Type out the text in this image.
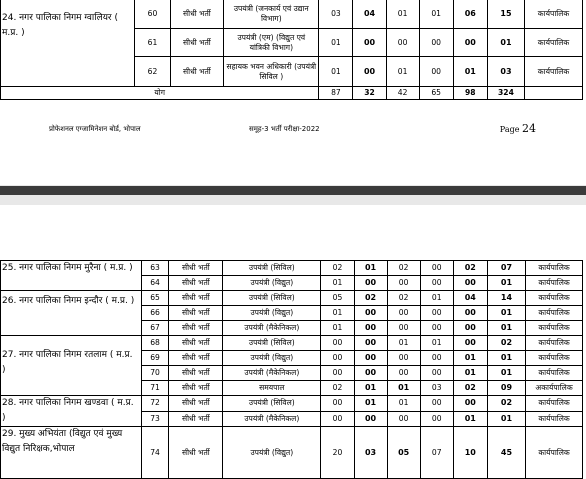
24. नगर पालिका निगम ग्वालियर ( म.प्र. )	60	सीधी भर्ती	उपयंत्री (जनकार्य एवं उद्यान विभाग)	03	04	01	01	06	15	कार्यपालिक
	61	सीधी भर्ती	उपयंत्री (एम) (विद्युत एवं यांत्रिकी विभाग)	01	00	00	00	00	01	कार्यपालिक
	62	सीधी भर्ती	सहायक भवन अधिकारी (उपयंत्री सिविल )	01	00	01	00	01	03	कार्यपालिक
योग				87	32	42	65	98	324	
प्रोफेशनल एग्जामिनेशन बोर्ड, भोपाल	समूह-3 भर्ती परीक्षा-2022	Page 24
25. नगर पालिका निगम मुरैना ( म.प्र. )	63	सीधी भर्ती	उपयंत्री (सिविल)	02	01	02	00	02	07	कार्यपालिक
	64	सीधी भर्ती	उपयंत्री (विद्युत)	01	00	00	00	00	01	कार्यपालिक
26. नगर पालिका निगम इन्दौर ( म.प्र. )	65	सीधी भर्ती	उपयंत्री (सिविल)	05	02	02	01	04	14	कार्यपालिक
	66	सीधी भर्ती	उपयंत्री (विद्युत)	01	00	00	00	00	01	कार्यपालिक
	67	सीधी भर्ती	उपयंत्री (मैकेनिकल)	01	00	00	00	00	01	कार्यपालिक
27. नगर पालिका निगम रतलाम ( म.प्र. )	68	सीधी भर्ती	उपयंत्री (सिविल)	00	00	01	01	00	02	कार्यपालिक
	69	सीधी भर्ती	उपयंत्री (विद्युत)	00	00	00	00	01	01	कार्यपालिक
	70	सीधी भर्ती	उपयंत्री (मैकेनिकल)	00	00	00	00	01	01	कार्यपालिक
	71	सीधी भर्ती	समयपाल	02	01	01	03	02	09	अकार्यपालिक
28. नगर पालिका निगम खण्डवा ( म.प्र. )	72	सीधी भर्ती	उपयंत्री (सिविल)	00	01	01	00	00	02	कार्यपालिक
	73	सीधी भर्ती	उपयंत्री (मैकेनिकल)	00	00	00	00	01	01	कार्यपालिक
29. मुख्य अभियंता (विद्युत एवं मुख्य विद्युत निरिक्षक,भोपाल	74	सीधी भर्ती	उपयंत्री (विद्युत)	20	03	05	07	10	45	कार्यपालिक
